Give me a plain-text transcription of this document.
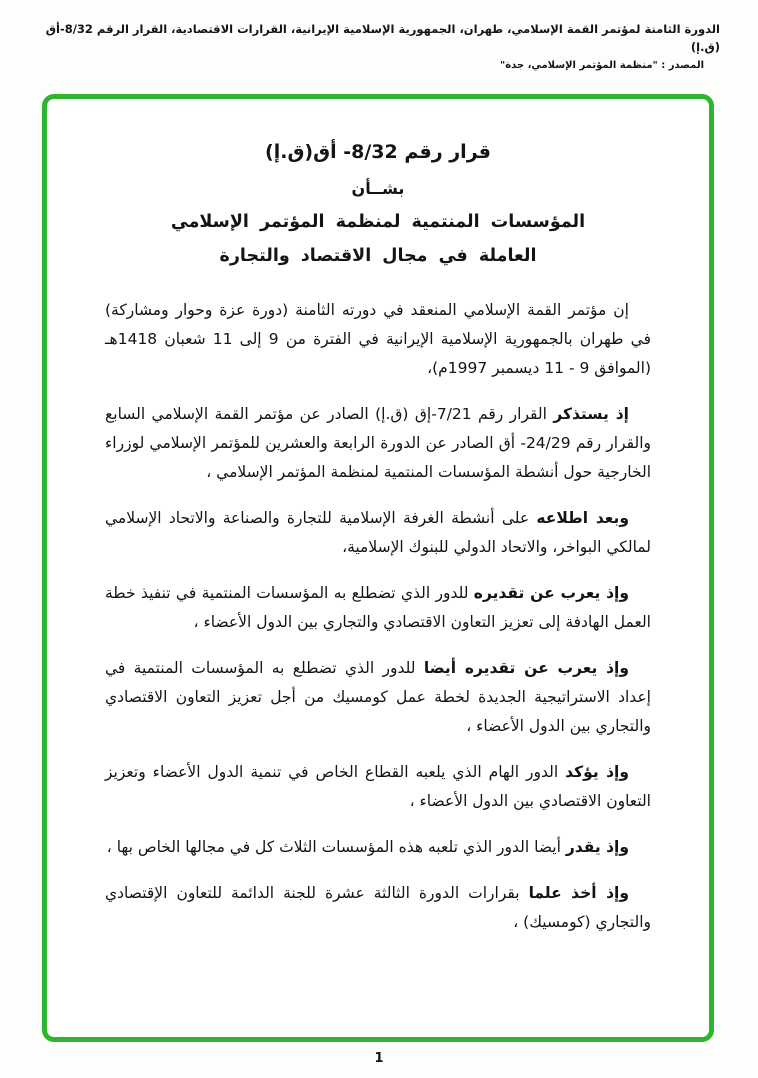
الدورة الثامنة لمؤتمر القمة الإسلامي، طهران، الجمهورية الإسلامية الإيرانية، القرارات الاقتصادية، القرار الرقم 8/32-أق (ق.إ)
المصدر : "منظمة المؤتمر الإسلامي، جدة"
قرار رقم 8/32- أق(ق.إ)
بشــأن
المؤسسات المنتمية لمنظمة المؤتمر الإسلامي
العاملة في مجال الاقتصاد والتجارة

إن مؤتمر القمة الإسلامي المنعقد في دورته الثامنة (دورة عزة وحوار ومشاركة) في طهران بالجمهورية الإسلامية الإيرانية في الفترة من 9 إلى 11 شعبان 1418هـ (الموافق 9 - 11 ديسمبر 1997م)،

إذ يستذكر القرار رقم 7/21-إق (ق.إ) الصادر عن مؤتمر القمة الإسلامي السابع والقرار رقم 24/29- أق الصادر عن الدورة الرابعة والعشرين للمؤتمر الإسلامي لوزراء الخارجية حول أنشطة المؤسسات المنتمية لمنظمة المؤتمر الإسلامي ،

وبعد اطلاعه على أنشطة الغرفة الإسلامية للتجارة والصناعة والاتحاد الإسلامي لمالكي البواخر، والاتحاد الدولي للبنوك الإسلامية،

وإذ يعرب عن تقديره للدور الذي تضطلع به المؤسسات المنتمية في تنفيذ خطة العمل الهادفة إلى تعزيز التعاون الاقتصادي والتجاري بين الدول الأعضاء ،

وإذ يعرب عن تقديره أيضا للدور الذي تضطلع به المؤسسات المنتمية في إعداد الاستراتيجية الجديدة لخطة عمل كومسيك من أجل تعزيز التعاون الاقتصادي والتجاري بين الدول الأعضاء ،

وإذ يؤكد الدور الهام الذي يلعبه القطاع الخاص في تنمية الدول الأعضاء وتعزيز التعاون الاقتصادي بين الدول الأعضاء ،

وإذ يقدر أيضا الدور الذي تلعبه هذه المؤسسات الثلاث كل في مجالها الخاص بها ،

وإذ أخذ علما بقرارات الدورة الثالثة عشرة للجنة الدائمة للتعاون الإقتصادي والتجاري (كومسيك) ،

1
